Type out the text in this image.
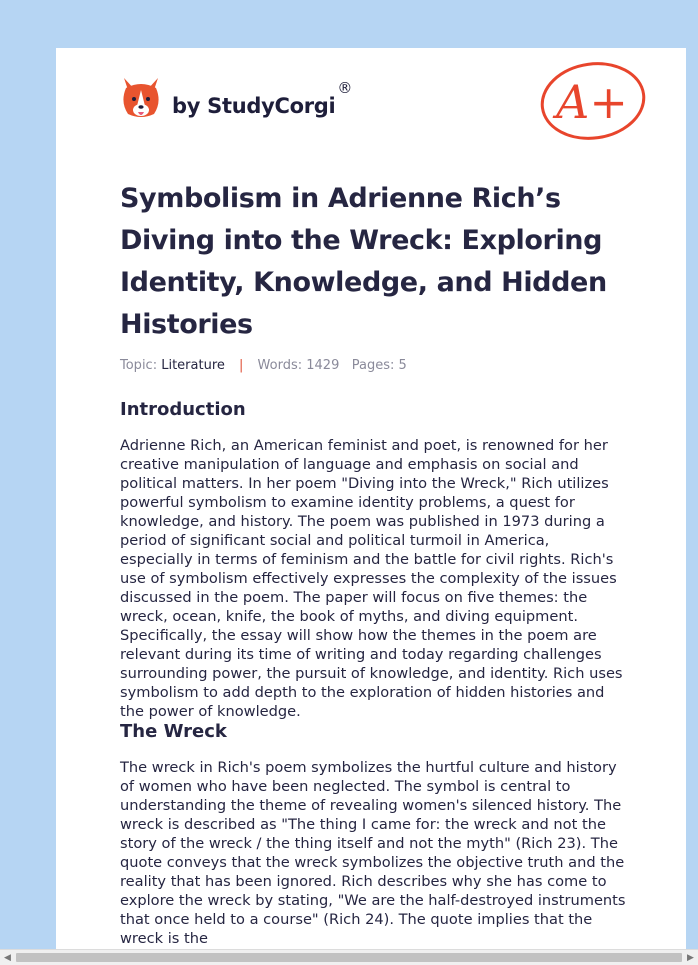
by StudyCorgi
®	A+
Symbolism in Adrienne Rich’s Diving into the Wreck: Exploring Identity, Knowledge, and Hidden Histories
Topic: Literature | Words: 1429 Pages: 5
Introduction

Adrienne Rich, an American feminist and poet, is renowned for her creative manipulation of language and emphasis on social and political matters. In her poem "Diving into the Wreck," Rich utilizes powerful symbolism to examine identity problems, a quest for knowledge, and history. The poem was published in 1973 during a period of significant social and political turmoil in America, especially in terms of feminism and the battle for civil rights. Rich's use of symbolism effectively expresses the complexity of the issues discussed in the poem. The paper will focus on five themes: the wreck, ocean, knife, the book of myths, and diving equipment. Specifically, the essay will show how the themes in the poem are relevant during its time of writing and today regarding challenges surrounding power, the pursuit of knowledge, and identity. Rich uses symbolism to add depth to the exploration of hidden histories and the power of knowledge.

The Wreck

The wreck in Rich's poem symbolizes the hurtful culture and history of women who have been neglected. The symbol is central to understanding the theme of revealing women's silenced history. The wreck is described as "The thing I came for: the wreck and not the story of the wreck / the thing itself and not the myth" (Rich 23). The quote conveys that the wreck symbolizes the objective truth and the reality that has been ignored. Rich describes why she has come to explore the wreck by stating, "We are the half-destroyed instruments that once held to a course" (Rich 24). The quote implies that the wreck is the

◀	▶
